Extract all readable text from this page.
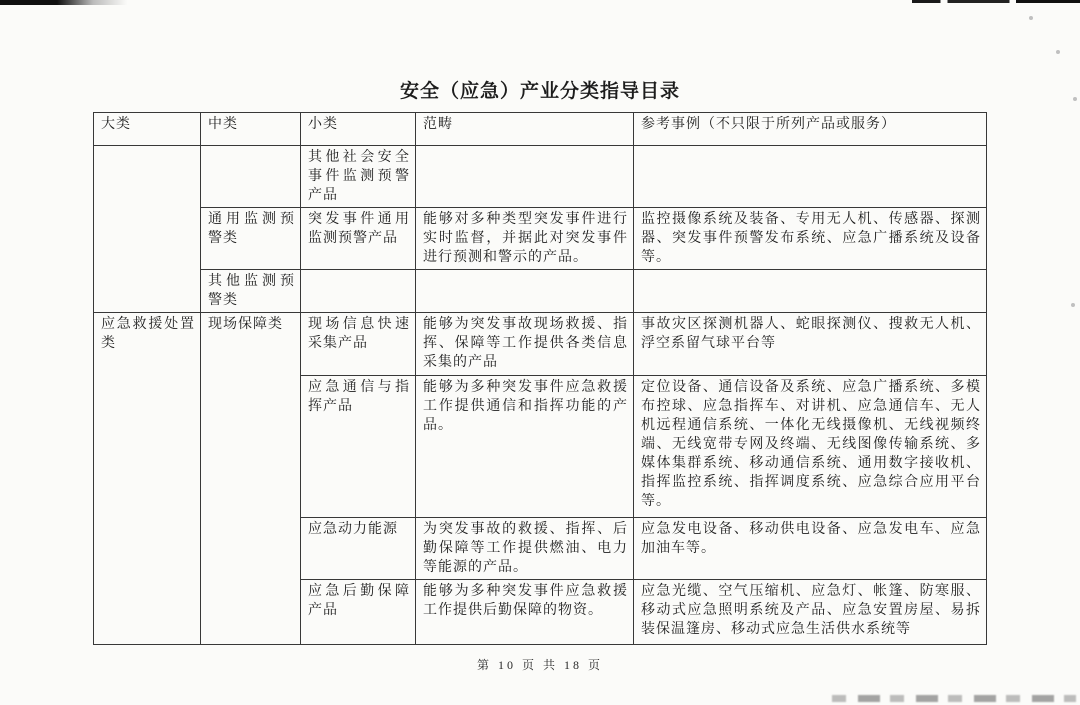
安全（应急）产业分类指导目录
大类	中类	小类	范畴	参考事例（不只限于所列产品或服务）
		其他社会安全事件监测预警产品		
	通用监测预警类	突发事件通用监测预警产品	能够对多种类型突发事件进行实时监督，并据此对突发事件进行预测和警示的产品。	监控摄像系统及装备、专用无人机、传感器、探测器、突发事件预警发布系统、应急广播系统及设备等。
	其他监测预警类			
应急救援处置类	现场保障类	现场信息快速采集产品	能够为突发事故现场救援、指挥、保障等工作提供各类信息采集的产品	事故灾区探测机器人、蛇眼探测仪、搜救无人机、浮空系留气球平台等
		应急通信与指挥产品	能够为多种突发事件应急救援工作提供通信和指挥功能的产品。	定位设备、通信设备及系统、应急广播系统、多模布控球、应急指挥车、对讲机、应急通信车、无人机远程通信系统、一体化无线摄像机、无线视频终端、无线宽带专网及终端、无线图像传输系统、多媒体集群系统、移动通信系统、通用数字接收机、指挥监控系统、指挥调度系统、应急综合应用平台等。
		应急动力能源	为突发事故的救援、指挥、后勤保障等工作提供燃油、电力等能源的产品。	应急发电设备、移动供电设备、应急发电车、应急加油车等。
		应急后勤保障产品	能够为多种突发事件应急救援工作提供后勤保障的物资。	应急光缆、空气压缩机、应急灯、帐篷、防寒服、移动式应急照明系统及产品、应急安置房屋、易拆装保温篷房、移动式应急生活供水系统等
第 10 页 共 18 页
